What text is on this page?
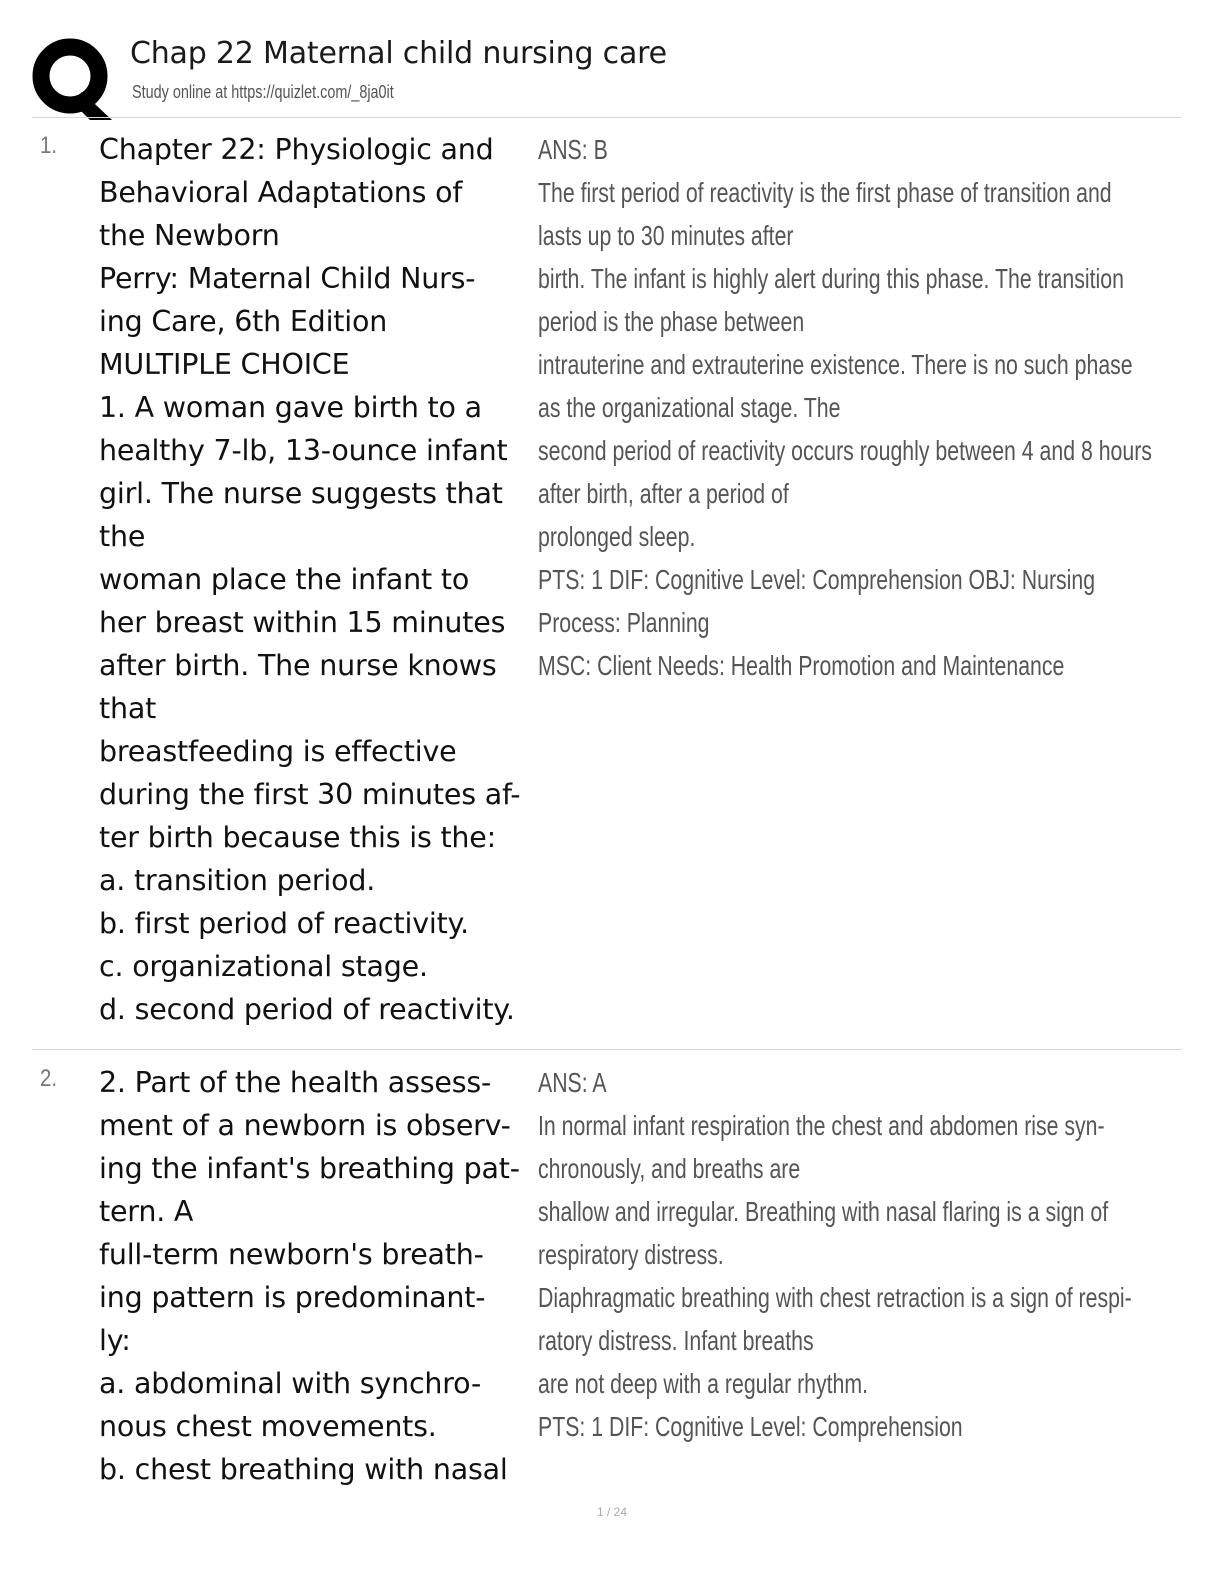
Chap 22 Maternal child nursing care
Study online at https://quizlet.com/_8ja0it
1. Chapter 22: Physiologic and
Behavioral Adaptations of
the Newborn
Perry: Maternal Child Nurs-
ing Care, 6th Edition
MULTIPLE CHOICE
1. A woman gave birth to a
healthy 7-lb, 13-ounce infant
girl. The nurse suggests that
the
woman place the infant to
her breast within 15 minutes
after birth. The nurse knows
that
breastfeeding is effective
during the first 30 minutes af-
ter birth because this is the:
a. transition period.
b. first period of reactivity.
c. organizational stage.
d. second period of reactivity.
ANS: B
The first period of reactivity is the first phase of transition and
lasts up to 30 minutes after
birth. The infant is highly alert during this phase. The transition
period is the phase between
intrauterine and extrauterine existence. There is no such phase
as the organizational stage. The
second period of reactivity occurs roughly between 4 and 8 hours
after birth, after a period of
prolonged sleep.
PTS: 1 DIF: Cognitive Level: Comprehension OBJ: Nursing
Process: Planning
MSC: Client Needs: Health Promotion and Maintenance
2. 2. Part of the health assess-
ment of a newborn is observ-
ing the infant's breathing pat-
tern. A
full-term newborn's breath-
ing pattern is predominant-
ly:
a. abdominal with synchro-
nous chest movements.
b. chest breathing with nasal
ANS: A
In normal infant respiration the chest and abdomen rise syn-
chronously, and breaths are
shallow and irregular. Breathing with nasal flaring is a sign of
respiratory distress.
Diaphragmatic breathing with chest retraction is a sign of respi-
ratory distress. Infant breaths
are not deep with a regular rhythm.
PTS: 1 DIF: Cognitive Level: Comprehension
1 / 24
